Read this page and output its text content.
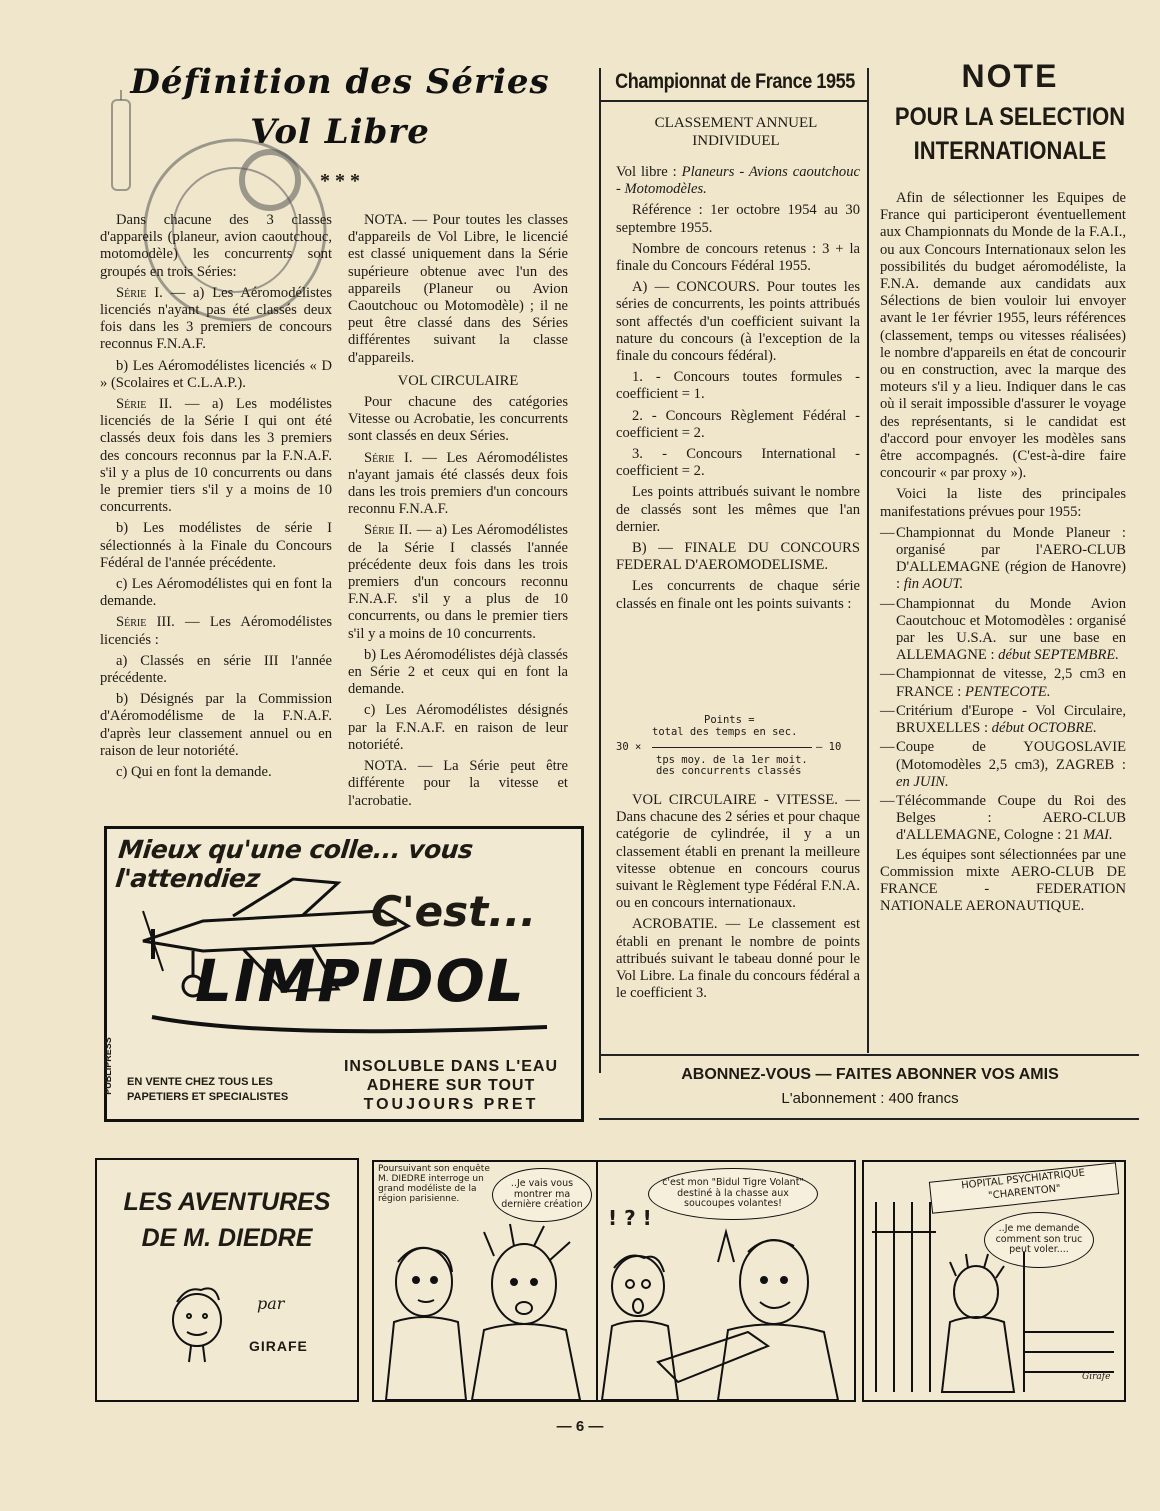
Définition des Séries
Vol Libre
* * *

Dans chacune des 3 classes d'appareils (planeur, avion caoutchouc, motomodèle) les concurrents sont groupés en trois Séries:

Série I. — a) Les Aéromodélistes licenciés n'ayant pas été classés deux fois dans les 3 premiers de concours reconnus F.N.A.F.

b) Les Aéromodélistes licenciés « D » (Scolaires et C.L.A.P.).

Série II. — a) Les modélistes licenciés de la Série I qui ont été classés deux fois dans les 3 premiers des concours reconnus par la F.N.A.F. s'il y a plus de 10 concurrents ou dans le premier tiers s'il y a moins de 10 concurrents.

b) Les modélistes de série I sélectionnés à la Finale du Concours Fédéral de l'année précédente.

c) Les Aéromodélistes qui en font la demande.

Série III. — Les Aéromodélistes licenciés :

a) Classés en série III l'année précédente.

b) Désignés par la Commission d'Aéromodélisme de la F.N.A.F. d'après leur classement annuel ou en raison de leur notoriété.

c) Qui en font la demande.

NOTA. — Pour toutes les classes d'appareils de Vol Libre, le licencié est classé uniquement dans la Série supérieure obtenue avec l'un des appareils (Planeur ou Avion Caoutchouc ou Motomodèle) ; il ne peut être classé dans des Séries différentes suivant la classe d'appareils.

VOL CIRCULAIRE

Pour chacune des catégories Vitesse ou Acrobatie, les concurrents sont classés en deux Séries.

Série I. — Les Aéromodélistes n'ayant jamais été classés deux fois dans les trois premiers d'un concours reconnu F.N.A.F.

Série II. — a) Les Aéromodélistes de la Série I classés l'année précédente deux fois dans les trois premiers d'un concours reconnu F.N.A.F. s'il y a plus de 10 concurrents, ou dans le premier tiers s'il y a moins de 10 concurrents.

b) Les Aéromodélistes déjà classés en Série 2 et ceux qui en font la demande.

c) Les Aéromodélistes désignés par la F.N.A.F. en raison de leur notoriété.

NOTA. — La Série peut être différente pour la vitesse et l'acrobatie.

Championnat de France 1955
CLASSEMENT ANNUEL
INDIVIDUEL

Vol libre : Planeurs - Avions caoutchouc - Motomodèles.

Référence : 1er octobre 1954 au 30 septembre 1955.

Nombre de concours retenus : 3 + la finale du Concours Fédéral 1955.

A) — CONCOURS. Pour toutes les séries de concurrents, les points attribués sont affectés d'un coefficient suivant la nature du concours (à l'exception de la finale du concours fédéral).

1. - Concours toutes formules - coefficient = 1.

2. - Concours Règlement Fédéral - coefficient = 2.

3. - Concours International - coefficient = 2.

Les points attribués suivant le nombre de classés sont les mêmes que l'an dernier.

B) — FINALE DU CONCOURS FEDERAL D'AEROMODELISME.

Les concurrents de chaque série classés en finale ont les points suivants :

Points =
total des temps en sec.
30 ×	— 10
tps moy. de la 1er moit.
des concurrents classés

VOL CIRCULAIRE - VITESSE. — Dans chacune des 2 séries et pour chaque catégorie de cylindrée, il y a un classement établi en prenant la meilleure vitesse obtenue en concours courus suivant le Règlement type Fédéral F.N.A. ou en concours internationaux.

ACROBATIE. — Le classement est établi en prenant le nombre de points attribués suivant le tabeau donné pour le Vol Libre. La finale du concours fédéral a le coefficient 3.

NOTE
POUR LA SELECTION
INTERNATIONALE

Afin de sélectionner les Equipes de France qui participeront éventuellement aux Championnats du Monde de la F.A.I., ou aux Concours Internationaux selon les possibilités du budget aéromodéliste, la F.N.A. demande aux candidats aux Sélections de bien vouloir lui envoyer avant le 1er février 1955, leurs références (classement, temps ou vitesses réalisées) le nombre d'appareils en état de concourir ou en construction, avec la marque des moteurs s'il y a lieu. Indiquer dans le cas où il serait impossible d'assurer le voyage des représentants, si le candidat est d'accord pour envoyer les modèles sans être accompagnés. (C'est-à-dire faire concourir « par proxy »).

Voici la liste des principales manifestations prévues pour 1955:

— Championnat du Monde Planeur : organisé par l'AERO-CLUB D'ALLEMAGNE (région de Hanovre) : fin AOUT.
— Championnat du Monde Avion Caoutchouc et Motomodèles : organisé par les U.S.A. sur une base en ALLEMAGNE : début SEPTEMBRE.
— Championnat de vitesse, 2,5 cm3 en FRANCE : PENTECOTE.
— Critérium d'Europe - Vol Circulaire, BRUXELLES : début OCTOBRE.
— Coupe de YOUGOSLAVIE (Motomodèles 2,5 cm3), ZAGREB : en JUIN.
— Télécommande Coupe du Roi des Belges : AERO-CLUB d'ALLEMAGNE, Cologne : 21 MAI.

Les équipes sont sélectionnées par une Commission mixte AERO-CLUB DE FRANCE - FEDERATION NATIONALE AERONAUTIQUE.

Mieux qu'une colle... vous l'attendiez
C'est...
LIMPIDOL
PUBLIPRESS EN VENTE CHEZ TOUS LES
PAPETIERS ET SPECIALISTES
INSOLUBLE DANS L'EAU
ADHERE SUR TOUT
TOUJOURS PRET
ABONNEZ-VOUS — FAITES ABONNER VOS AMIS
L'abonnement : 400 francs
LES AVENTURES
DE M. DIEDRE
par
GIRAFE
Poursuivant son enquête M. DIEDRE interroge un grand modéliste de la région parisienne.
..Je vais vous montrer ma dernière création
c'est mon "Bidul Tigre Volant" destiné à la chasse aux soucoupes volantes!
! ? !
HOPITAL PSYCHIATRIQUE "CHARENTON"
..Je me demande comment son truc peut voler....
Girafe
— 6 —
